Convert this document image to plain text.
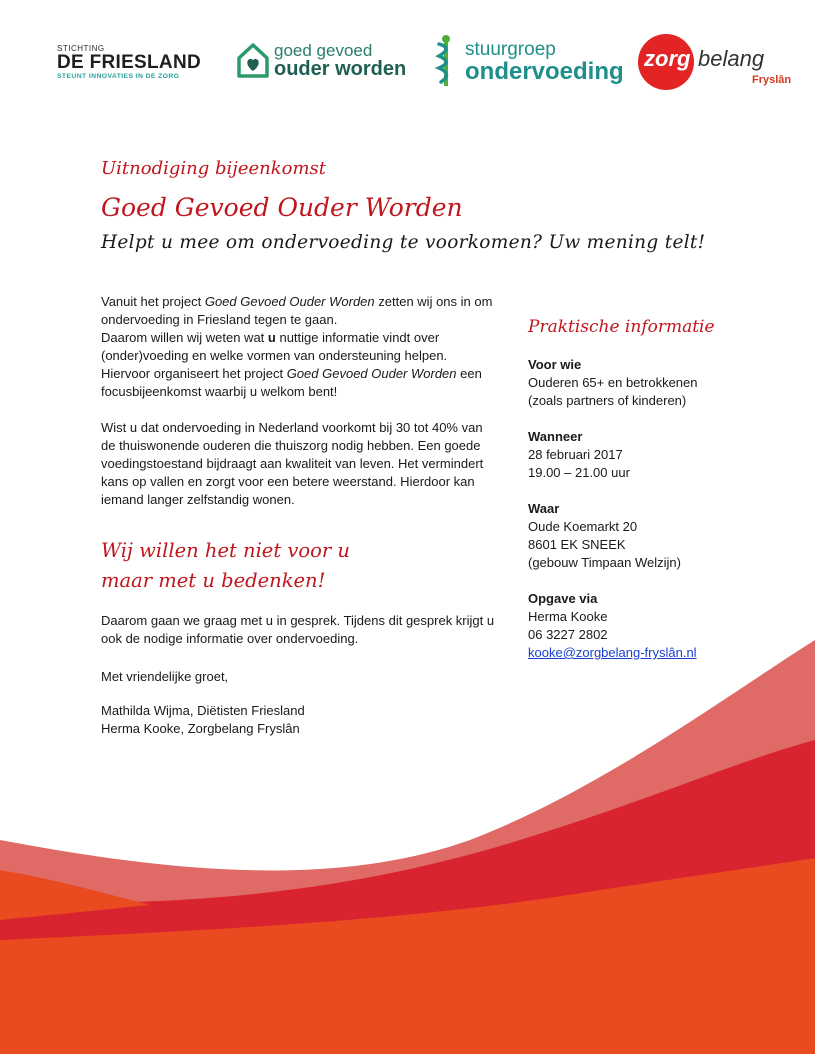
STICHTING
DE FRIESLAND
STEUNT INNOVATIES IN DE ZORG
goed gevoed
ouder worden
stuurgroep
ondervoeding zorg belang
Fryslân
Uitnodiging bijeenkomst
Goed Gevoed Ouder Worden
Helpt u mee om ondervoeding te voorkomen? Uw mening telt!

Vanuit het project Goed Gevoed Ouder Worden zetten wij ons in om ondervoeding in Friesland tegen te gaan.

Daarom willen wij weten wat u nuttige informatie vindt over (onder)voeding en welke vormen van ondersteuning helpen.

Hiervoor organiseert het project Goed Gevoed Ouder Worden een focusbijeenkomst waarbij u welkom bent!

Wist u dat ondervoeding in Nederland voorkomt bij 30 tot 40% van de thuiswonende ouderen die thuiszorg nodig hebben. Een goede voedingstoestand bijdraagt aan kwaliteit van leven. Het vermindert kans op vallen en zorgt voor een betere weerstand. Hierdoor kan iemand langer zelfstandig wonen.
Wij willen het niet voor u
maar met u bedenken!
Daarom gaan we graag met u in gesprek. Tijdens dit gesprek krijgt u ook de nodige informatie over ondervoeding.
Met vriendelijke groet,
Mathilda Wijma, Diëtisten Friesland
Herma Kooke, Zorgbelang Fryslân
Praktische informatie
Voor wie
Ouderen 65+ en betrokkenen
(zoals partners of kinderen)
Wanneer
28 februari 2017
19.00 – 21.00 uur
Waar
Oude Koemarkt 20
8601 EK SNEEK
(gebouw Timpaan Welzijn)
Opgave via
Herma Kooke
06 3227 2802
kooke@zorgbelang-fryslân.nl
